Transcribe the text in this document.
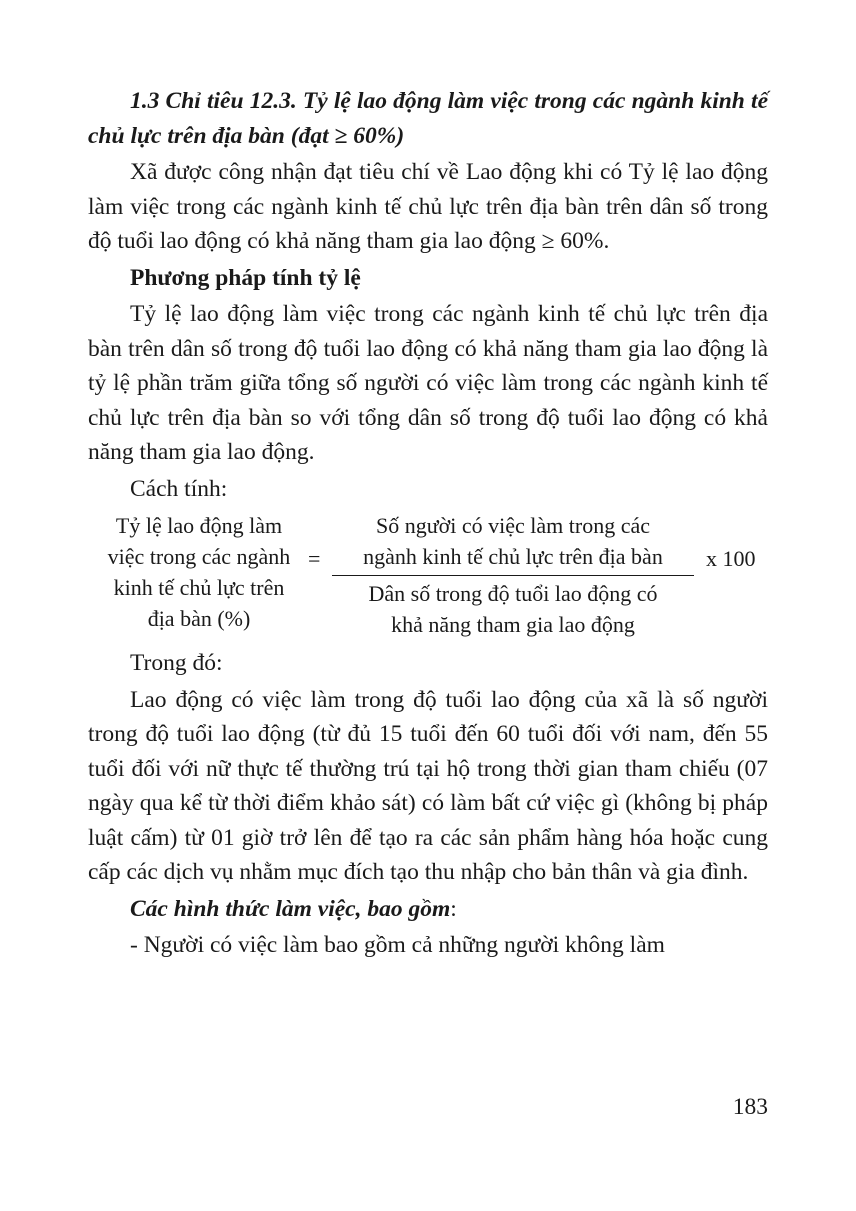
1.3 Chỉ tiêu 12.3. Tỷ lệ lao động làm việc trong các ngành kinh tế chủ lực trên địa bàn (đạt ≥ 60%)

Xã được công nhận đạt tiêu chí về Lao động khi có Tỷ lệ lao động làm việc trong các ngành kinh tế chủ lực trên địa bàn trên dân số trong độ tuổi lao động có khả năng tham gia lao động ≥ 60%.

Phương pháp tính tỷ lệ

Tỷ lệ lao động làm việc trong các ngành kinh tế chủ lực trên địa bàn trên dân số trong độ tuổi lao động có khả năng tham gia lao động là tỷ lệ phần trăm giữa tổng số người có việc làm trong các ngành kinh tế chủ lực trên địa bàn so với tổng dân số trong độ tuổi lao động có khả năng tham gia lao động.

Cách tính:

Tỷ lệ lao động làm
việc trong các ngành
kinh tế chủ lực trên
địa bàn (%)
=
Số người có việc làm trong các
ngành kinh tế chủ lực trên địa bàn
Dân số trong độ tuổi lao động có
khả năng tham gia lao động
x 100

Trong đó:

Lao động có việc làm trong độ tuổi lao động của xã là số người trong độ tuổi lao động (từ đủ 15 tuổi đến 60 tuổi đối với nam, đến 55 tuổi đối với nữ thực tế thường trú tại hộ trong thời gian tham chiếu (07 ngày qua kể từ thời điểm khảo sát) có làm bất cứ việc gì (không bị pháp luật cấm) từ 01 giờ trở lên để tạo ra các sản phẩm hàng hóa hoặc cung cấp các dịch vụ nhằm mục đích tạo thu nhập cho bản thân và gia đình.

Các hình thức làm việc, bao gồm:

- Người có việc làm bao gồm cả những người không làm

183
